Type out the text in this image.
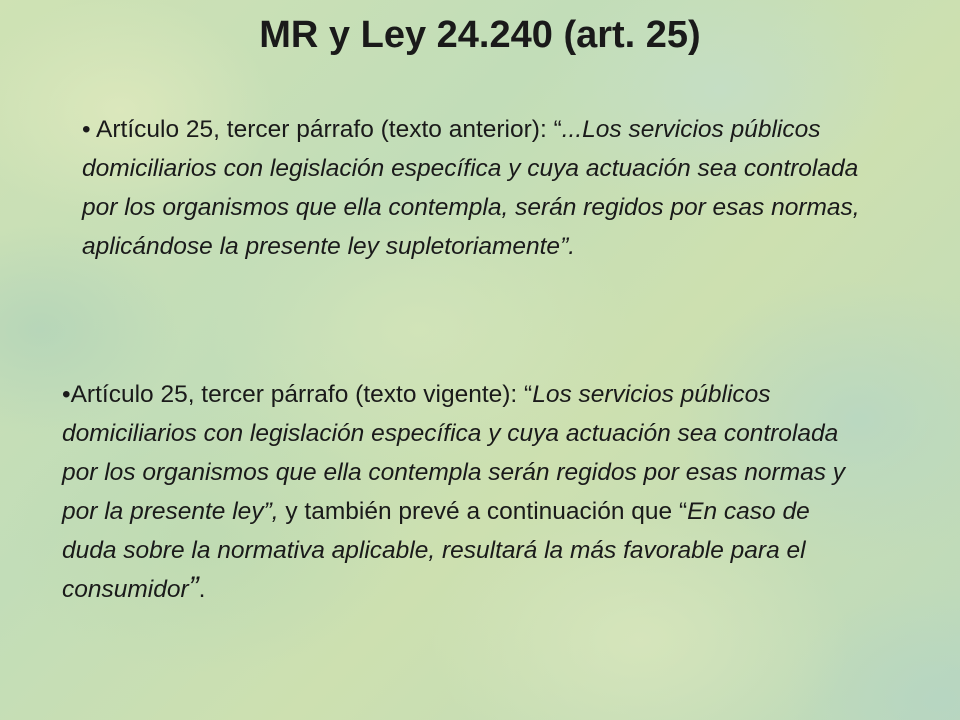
MR y Ley 24.240 (art. 25)

• Artículo 25, tercer párrafo (texto anterior): “...Los servicios públicos domiciliarios con legislación específica y cuya actuación sea controlada por los organismos que ella contempla, serán regidos por esas normas, aplicándose la presente ley supletoriamente”.

•Artículo 25, tercer párrafo (texto vigente): “Los servicios públicos domiciliarios con legislación específica y cuya actuación sea controlada por los organismos que ella contempla serán regidos por esas normas y por la presente ley”, y también prevé a continuación que “En caso de duda sobre la normativa aplicable, resultará la más favorable para el consumidor”.
